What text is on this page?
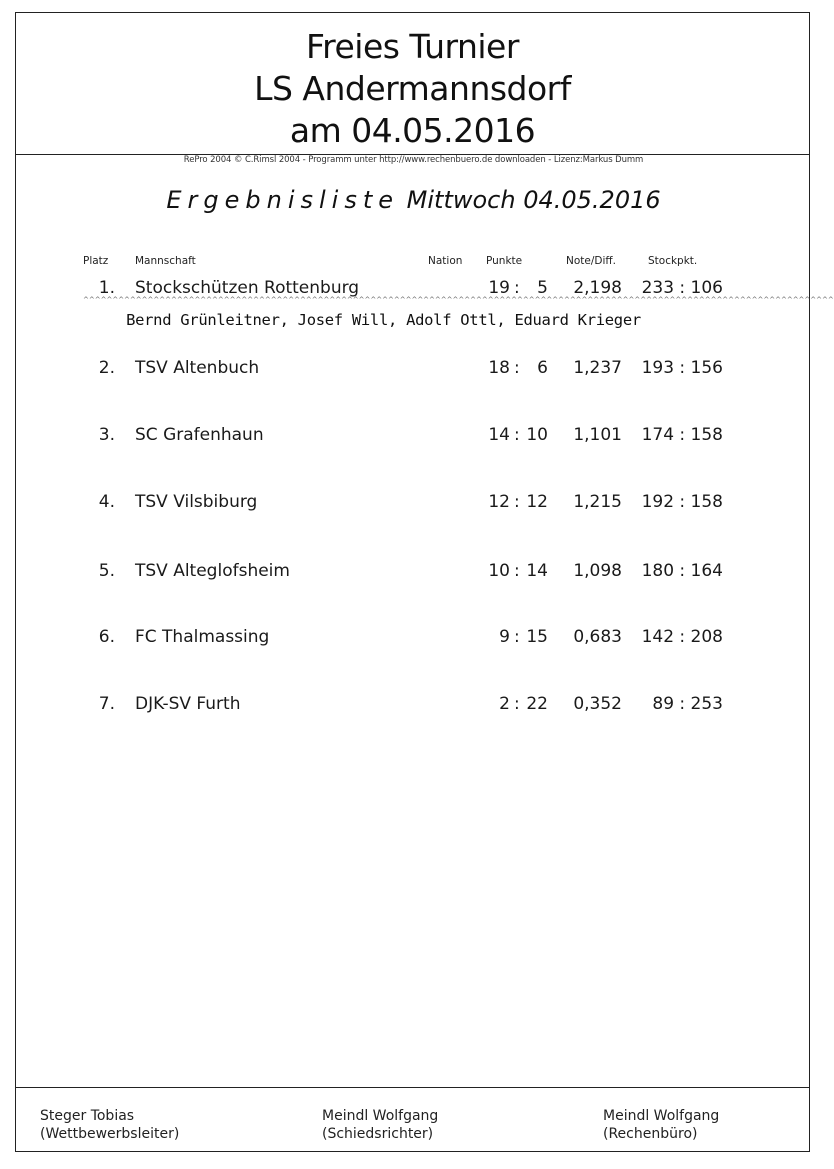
Freies Turnier
LS Andermannsdorf
am 04.05.2016
RePro 2004 © C.Rimsl 2004 - Programm unter http://www.rechenbuero.de downloaden - Lizenz:Markus Dumm
Ergebnisliste Mittwoch 04.05.2016
Platz	Mannschaft	Nation Punkte	Note/Diff.	Stockpkt.
1. Stockschützen Rottenburg	19 :	5	2,198	233 : 106
2. TSV Altenbuch	18 :	6	1,237	193 : 156
3. SC Grafenhaun	14 : 10	1,101	174 : 158
4. TSV Vilsbiburg	12 : 12	1,215	192 : 158
5. TSV Alteglofsheim	10 : 14	1,098	180 : 164
6. FC Thalmassing	9 : 15	0,683	142 : 208
7. DJK-SV Furth	2 : 22	0,352	89 : 253
^^^^^^^^^^^^^^^^^^^^^^^^^^^^^^^^^^^^^^^^^^^^^^^^^^^^^^^^^^^^^^^^^^^^^^^^^^^^^^^^^^^^^^^^^^^^^^^^^^^^^^^^^^^^^^^^^^^^^^^^^^^^^^^^
Bernd Grünleitner, Josef Will, Adolf Ottl, Eduard Krieger
Steger Tobias
(Wettbewerbsleiter)
Meindl Wolfgang
(Schiedsrichter)
Meindl Wolfgang
(Rechenbüro)
